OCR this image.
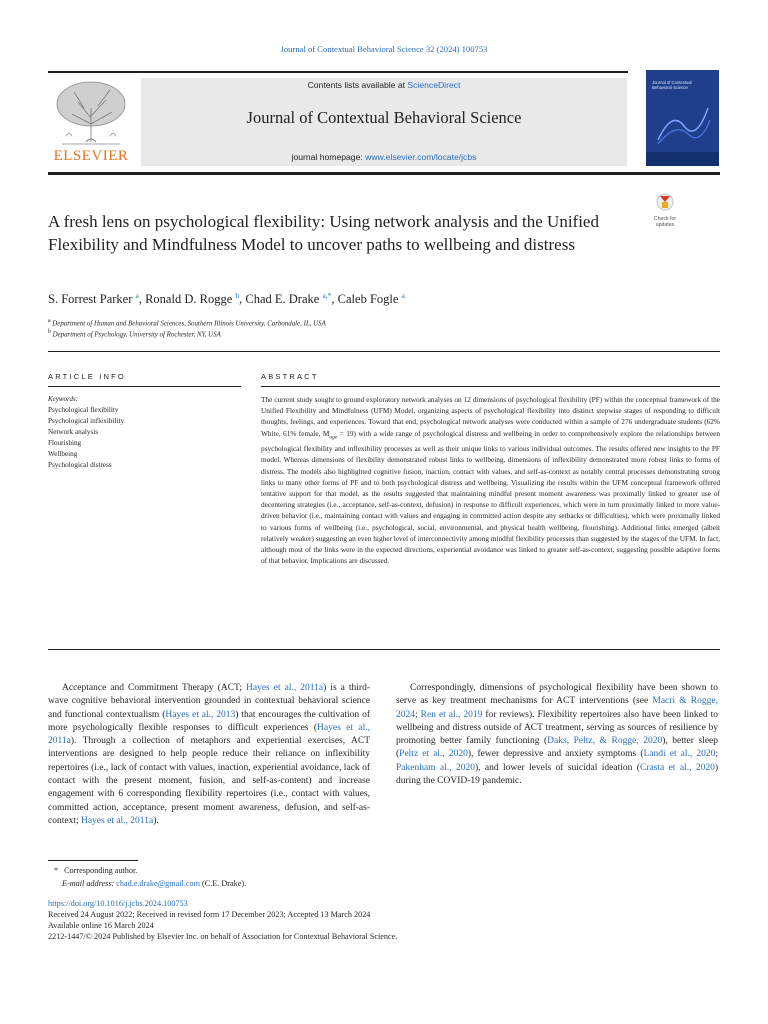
Journal of Contextual Behavioral Science 32 (2024) 100753
ELSEVIER
Contents lists available at ScienceDirect
Journal of Contextual Behavioral Science
journal homepage: www.elsevier.com/locate/jcbs
Journal of Contextual Behavioral Science
Check for
updates
A fresh lens on psychological flexibility: Using network analysis and the Unified Flexibility and Mindfulness Model to uncover paths to wellbeing and distress
S. Forrest Parker $^a$, Ronald D. Rogge $^b$, Chad E. Drake $^{a,*}$, Caleb Fogle $^a$
$^a$ Department of Human and Behavioral Sciences, Southern Illinois University, Carbondale, IL, USA
$^b$ Department of Psychology, University of Rochester, NY, USA
ARTICLE INFO	ABSTRACT
Keywords:
Psychological flexibility
Psychological inflexibility
Network analysis
Flourishing
Wellbeing
Psychological distress
The current study sought to ground exploratory network analyses on 12 dimensions of psychological flexibility (PF) within the conceptual framework of the Unified Flexibility and Mindfulness (UFM) Model, organizing aspects of psychological flexibility into distinct stepwise stages of responding to difficult thoughts, feelings, and experiences. Toward that end, psychological network analyses were conducted within a sample of 276 undergraduate students (62% White, 61% female, $M_{age} = 19$) with a wide range of psychological distress and wellbeing in order to comprehensively explore the relationships between psychological flexibility and inflexibility processes as well as their unique links to various individual outcomes. The results offered new insights to the PF model. Whereas dimensions of flexibility demonstrated robust links to wellbeing, dimensions of inflexibility demonstrated more robust links to forms of distress. The models also highlighted cognitive fusion, inaction, contact with values, and self-as-context as notably central processes demonstrating strong links to many other forms of PF and to both psychological distress and wellbeing. Visualizing the results within the UFM conceptual framework offered tentative support for that model, as the results suggested that maintaining mindful present moment awareness was proximally linked to greater use of decentering strategies (i.e., acceptance, self-as-context, defusion) in response to difficult experiences, which were in turn proximally linked to more value-driven behavior (i.e., maintaining contact with values and engaging in committed action despite any setbacks or difficulties), which were proximally linked to various forms of wellbeing (i.e., psychological, social, environmental, and physical health wellbeing, flourishing). Additional links emerged (albeit relatively weaker) suggesting an even higher level of interconnectivity among mindful flexibility processes than suggested by the stages of the UFM. In fact, although most of the links were in the expected directions, experiential avoidance was linked to greater self-as-context, suggesting possible adaptive forms of that behavior. Implications are discussed.

Acceptance and Commitment Therapy (ACT; Hayes et al., 2011a) is a third-wave cognitive behavioral intervention grounded in contextual behavioral science and functional contextualism (Hayes et al., 2013) that encourages the cultivation of more psychologically flexible responses to difficult experiences (Hayes et al., 2011a). Through a collection of metaphors and experiential exercises, ACT interventions are designed to help people reduce their reliance on inflexibility repertoires (i.e., lack of contact with values, inaction, experiential avoidance, lack of contact with the present moment, fusion, and self-as-content) and increase engagement with 6 corresponding flexibility repertoires (i.e., contact with values, committed action, acceptance, present moment awareness, defusion, and self-as-context; Hayes et al., 2011a).

Correspondingly, dimensions of psychological flexibility have been shown to serve as key treatment mechanisms for ACT interventions (see Macri & Rogge, 2024; Ren et al., 2019 for reviews). Flexibility repertoires also have been linked to wellbeing and distress outside of ACT treatment, serving as sources of resilience by promoting better family functioning (Daks, Peltz, & Rogge, 2020), better sleep (Peltz et al., 2020), fewer depressive and anxiety symptoms (Landi et al., 2020; Pakenham al., 2020), and lower levels of suicidal ideation (Crasta et al., 2020) during the COVID-19 pandemic.

* Corresponding author.
E-mail address: chad.e.drake@gmail.com (C.E. Drake).
https://doi.org/10.1016/j.jcbs.2024.100753
Received 24 August 2022; Received in revised form 17 December 2023; Accepted 13 March 2024
Available online 16 March 2024
2212-1447/© 2024 Published by Elsevier Inc. on behalf of Association for Contextual Behavioral Science.
